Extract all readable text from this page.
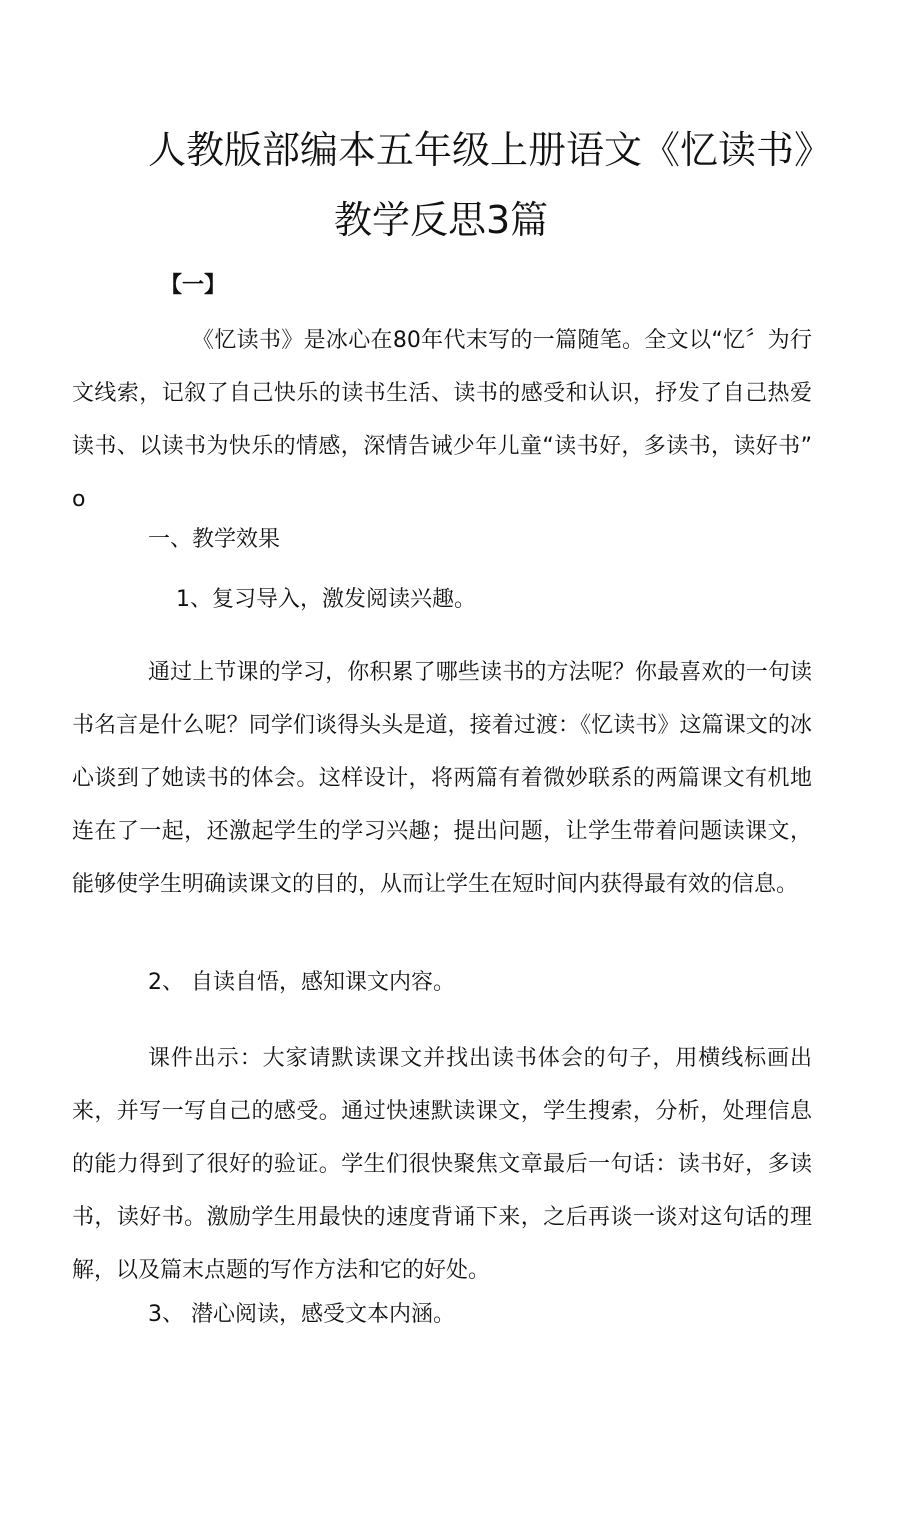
人教版部编本五年级上册语文《忆读书》
教学反思3篇
【一】

《忆读书》是冰心在80年代末写的一篇随笔。全文以“忆〞为行文线索，记叙了自己快乐的读书生活、读书的感受和认识，抒发了自己热爱读书、以读书为快乐的情感，深情告诫少年儿童“读书好，多读书，读好书” o

一、教学效果
1、复习导入，激发阅读兴趣。

通过上节课的学习，你积累了哪些读书的方法呢？你最喜欢的一句读书名言是什么呢？同学们谈得头头是道，接着过渡：《忆读书》这篇课文的冰心谈到了她读书的体会。这样设计，将两篇有着微妙联系的两篇课文有机地连在了一起，还激起学生的学习兴趣；提出问题，让学生带着问题读课文，能够使学生明确读课文的目的，从而让学生在短时间内获得最有效的信息。

2、 自读自悟，感知课文内容。

课件出示：大家请默读课文并找出读书体会的句子，用横线标画出来，并写一写自己的感受。通过快速默读课文，学生搜索，分析，处理信息的能力得到了很好的验证。学生们很快聚焦文章最后一句话：读书好，多读书，读好书。激励学生用最快的速度背诵下来，之后再谈一谈对这句话的理解，以及篇末点题的写作方法和它的好处。

3、 潜心阅读，感受文本内涵。
